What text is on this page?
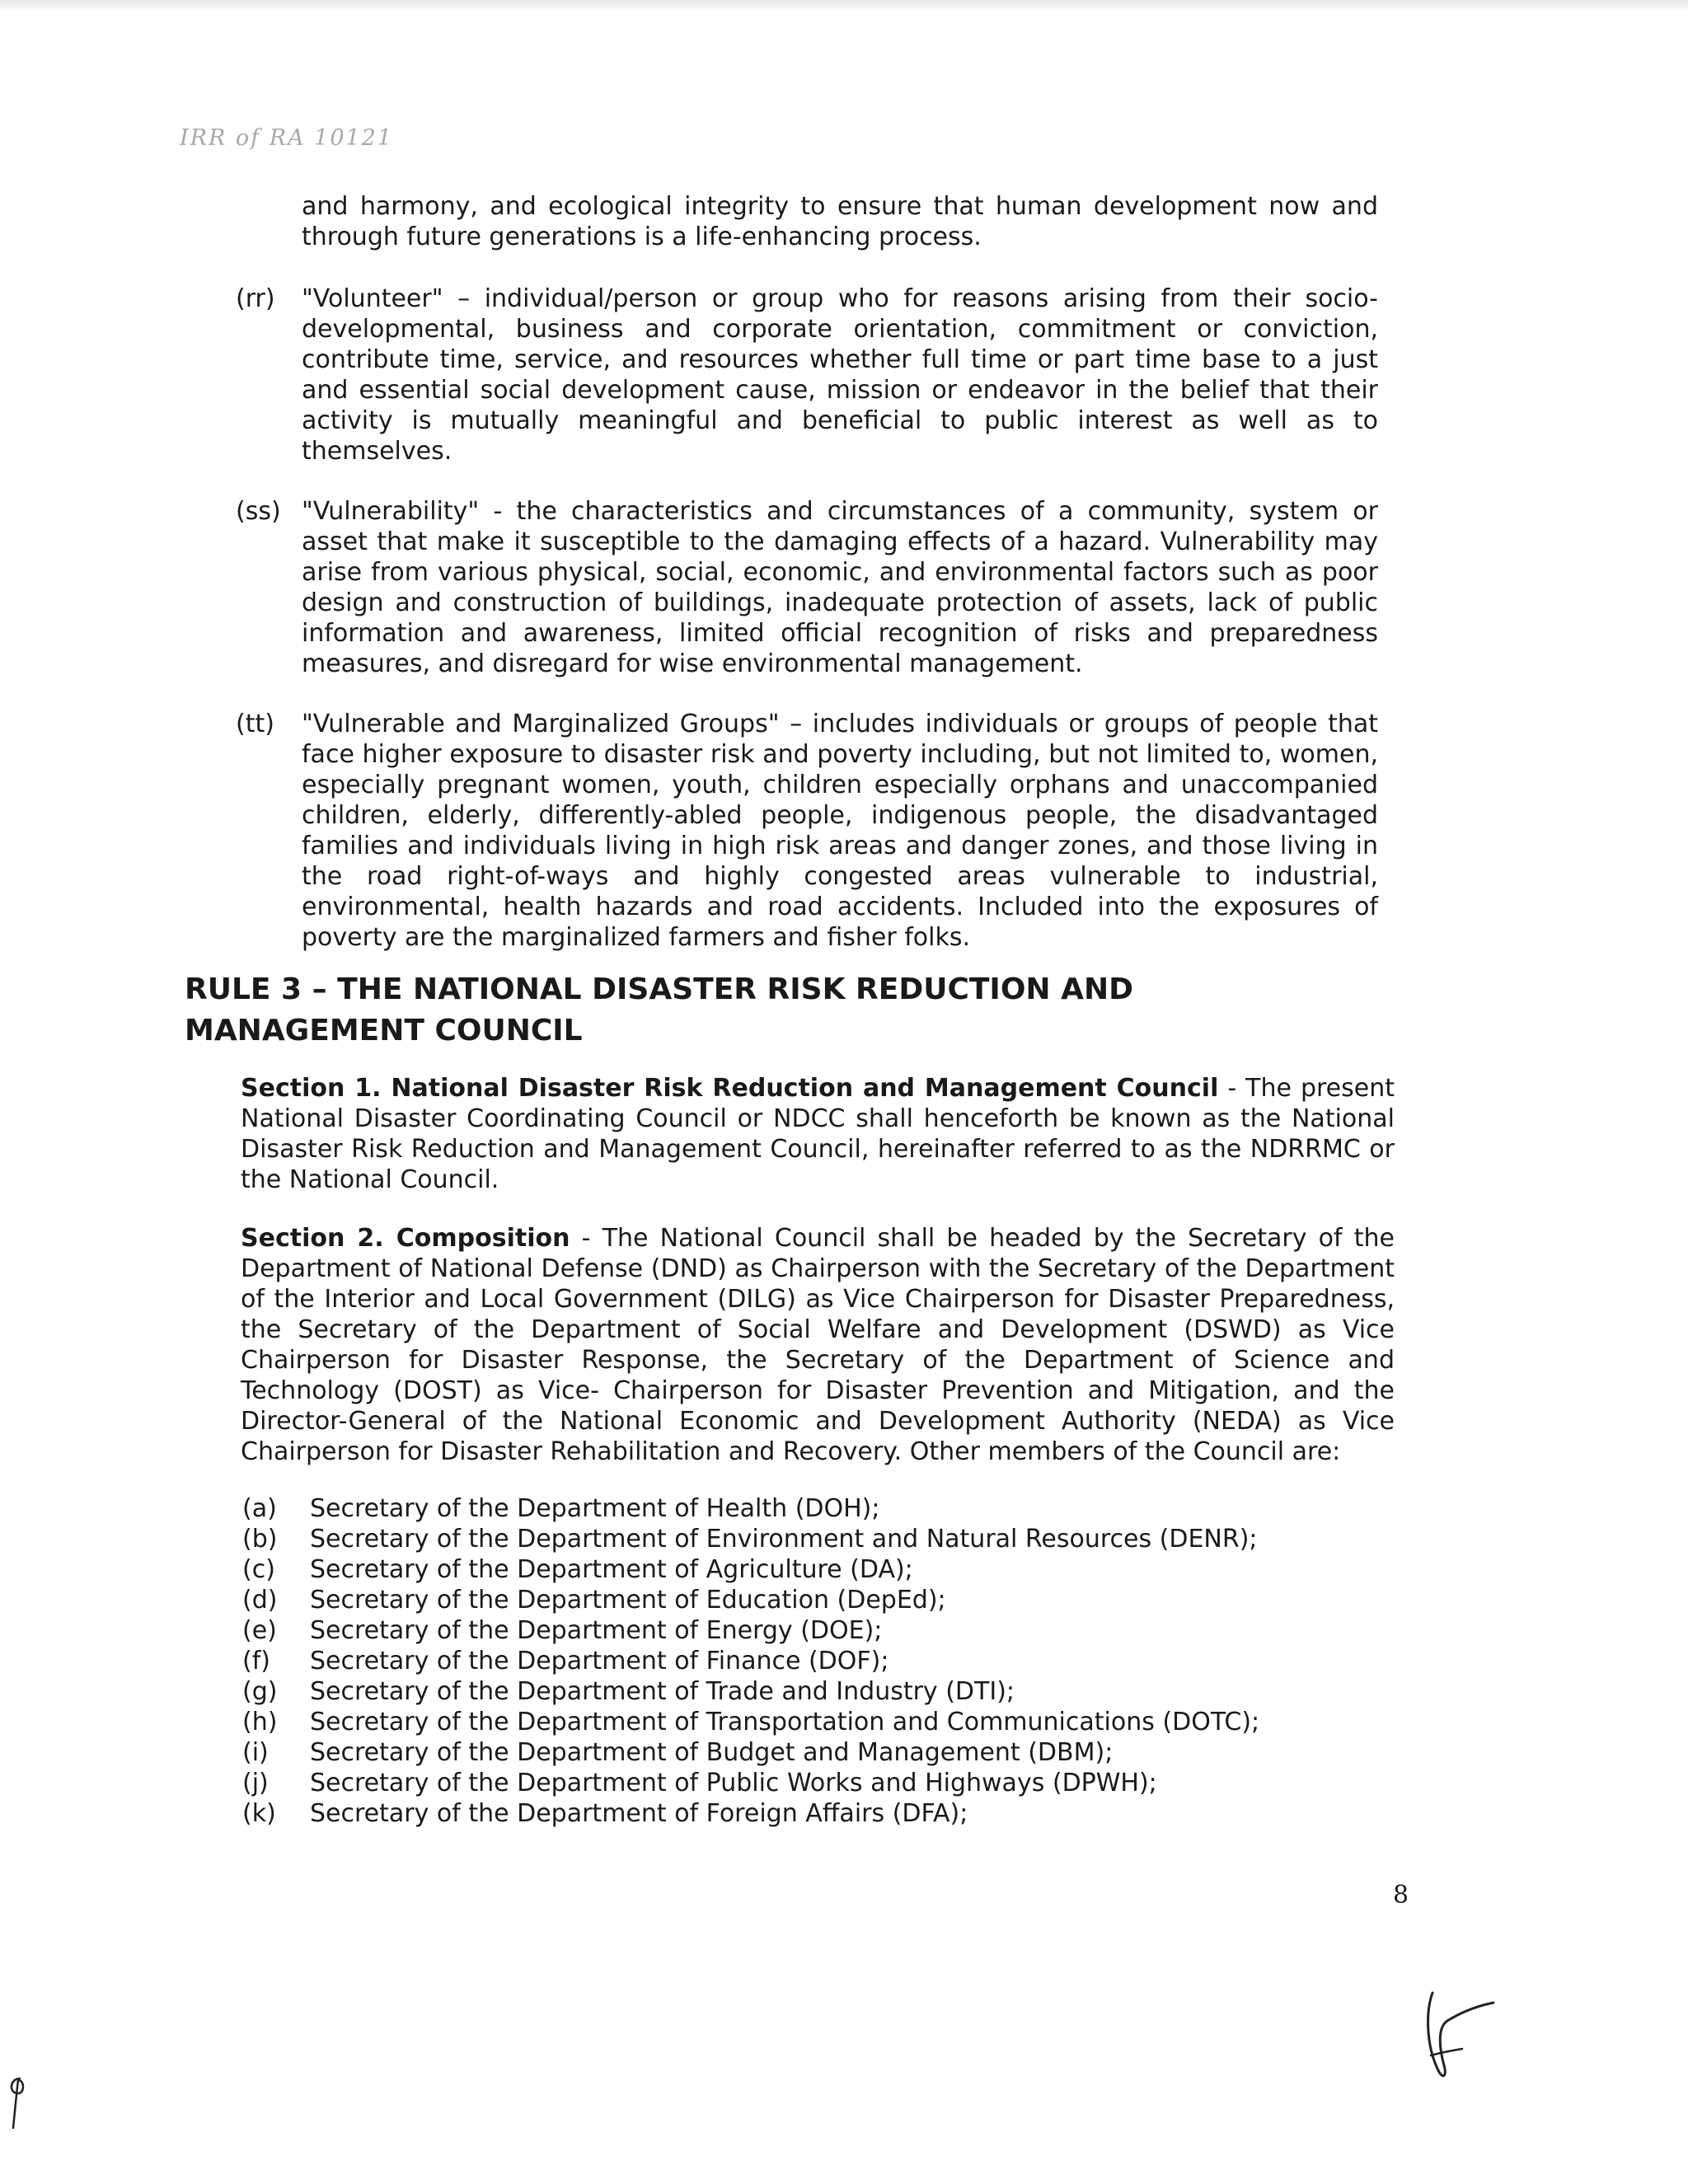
IRR of RA 10121

and harmony, and ecological integrity to ensure that human development now and through future generations is a life-enhancing process.

(rr) "Volunteer" – individual/person or group who for reasons arising from their socio-developmental, business and corporate orientation, commitment or conviction, contribute time, service, and resources whether full time or part time base to a just and essential social development cause, mission or endeavor in the belief that their activity is mutually meaningful and beneficial to public interest as well as to themselves.

(ss) "Vulnerability" - the characteristics and circumstances of a community, system or asset that make it susceptible to the damaging effects of a hazard. Vulnerability may arise from various physical, social, economic, and environmental factors such as poor design and construction of buildings, inadequate protection of assets, lack of public information and awareness, limited official recognition of risks and preparedness measures, and disregard for wise environmental management.

(tt) "Vulnerable and Marginalized Groups" – includes individuals or groups of people that face higher exposure to disaster risk and poverty including, but not limited to, women, especially pregnant women, youth, children especially orphans and unaccompanied children, elderly, differently-abled people, indigenous people, the disadvantaged families and individuals living in high risk areas and danger zones, and those living in the road right-of-ways and highly congested areas vulnerable to industrial, environmental, health hazards and road accidents. Included into the exposures of poverty are the marginalized farmers and fisher folks.

RULE 3 – THE NATIONAL DISASTER RISK REDUCTION AND
MANAGEMENT COUNCIL

Section 1. National Disaster Risk Reduction and Management Council - The present National Disaster Coordinating Council or NDCC shall henceforth be known as the National Disaster Risk Reduction and Management Council, hereinafter referred to as the NDRRMC or the National Council.

Section 2. Composition - The National Council shall be headed by the Secretary of the Department of National Defense (DND) as Chairperson with the Secretary of the Department of the Interior and Local Government (DILG) as Vice Chairperson for Disaster Preparedness, the Secretary of the Department of Social Welfare and Development (DSWD) as Vice Chairperson for Disaster Response, the Secretary of the Department of Science and Technology (DOST) as Vice- Chairperson for Disaster Prevention and Mitigation, and the Director-General of the National Economic and Development Authority (NEDA) as Vice Chairperson for Disaster Rehabilitation and Recovery. Other members of the Council are:

(a)	Secretary of the Department of Health (DOH);
(b)	Secretary of the Department of Environment and Natural Resources (DENR);
(c)	Secretary of the Department of Agriculture (DA);
(d)	Secretary of the Department of Education (DepEd);
(e)	Secretary of the Department of Energy (DOE);
(f)	Secretary of the Department of Finance (DOF);
(g)	Secretary of the Department of Trade and Industry (DTI);
(h)	Secretary of the Department of Transportation and Communications (DOTC);
(i)	Secretary of the Department of Budget and Management (DBM);
(j)	Secretary of the Department of Public Works and Highways (DPWH);
(k)	Secretary of the Department of Foreign Affairs (DFA);
8
